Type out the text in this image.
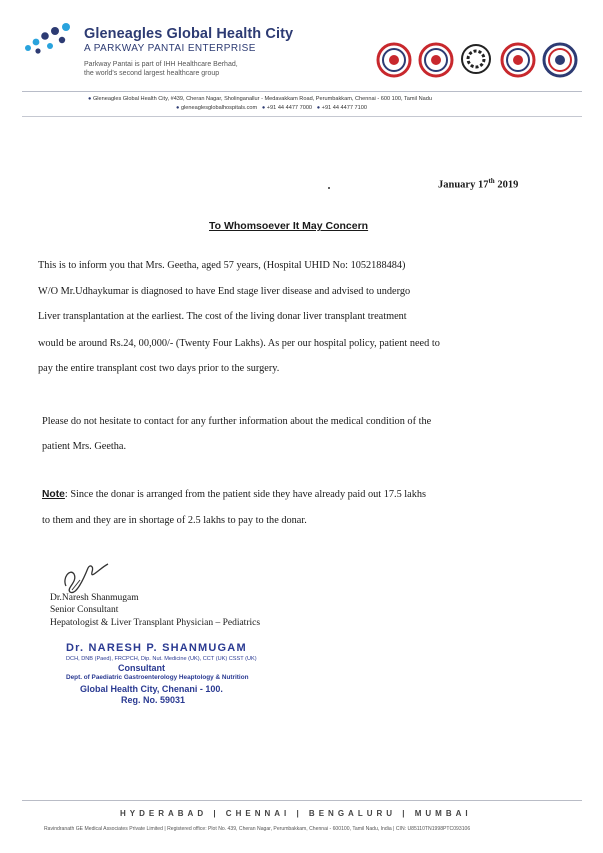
Gleneagles Global Health City
A PARKWAY PANTAI ENTERPRISE
Parkway Pantai is part of IHH Healthcare Berhad,
the world's second largest healthcare group
● Gleneagles Global Health City, #439, Cheran Nagar, Sholinganallur - Medavakkam Road, Perumbakkam, Chennai - 600 100, Tamil Nadu
● gleneaglesglobalhospitals.com ● +91 44 4477 7000 ● +91 44 4477 7100
January 17th 2019
To Whomsoever It May Concern
This is to inform you that Mrs. Geetha, aged 57 years, (Hospital UHID No: 1052188484)
W/O Mr.Udhaykumar is diagnosed to have End stage liver disease and advised to undergo
Liver transplantation at the earliest. The cost of the living donar liver transplant treatment
would be around Rs.24, 00,000/- (Twenty Four Lakhs). As per our hospital policy, patient need to
pay the entire transplant cost two days prior to the surgery.
Please do not hesitate to contact for any further information about the medical condition of the
patient Mrs. Geetha.
Note: Since the donar is arranged from the patient side they have already paid out 17.5 lakhs
to them and they are in shortage of 2.5 lakhs to pay to the donar.
Dr.Naresh Shanmugam
Senior Consultant
Hepatologist & Liver Transplant Physician – Pediatrics
Dr. NARESH P. SHANMUGAM
DCH, DNB (Paed), FRCPCH, Dip. Nut. Medicine (UK), CCT (UK) CSST (UK)
Consultant
Dept. of Paediatric Gastroenterology Heaptology & Nutrition
Global Health City, Chenani - 100.
Reg. No. 59031
HYDERABAD | CHENNAI | BENGALURU | MUMBAI
Ravindranath GE Medical Associates Private Limited | Registered office: Plot No. 439, Cheran Nagar, Perumbakkam, Chennai - 600100, Tamil Nadu, India | CIN: U85110TN1998PTC093106
